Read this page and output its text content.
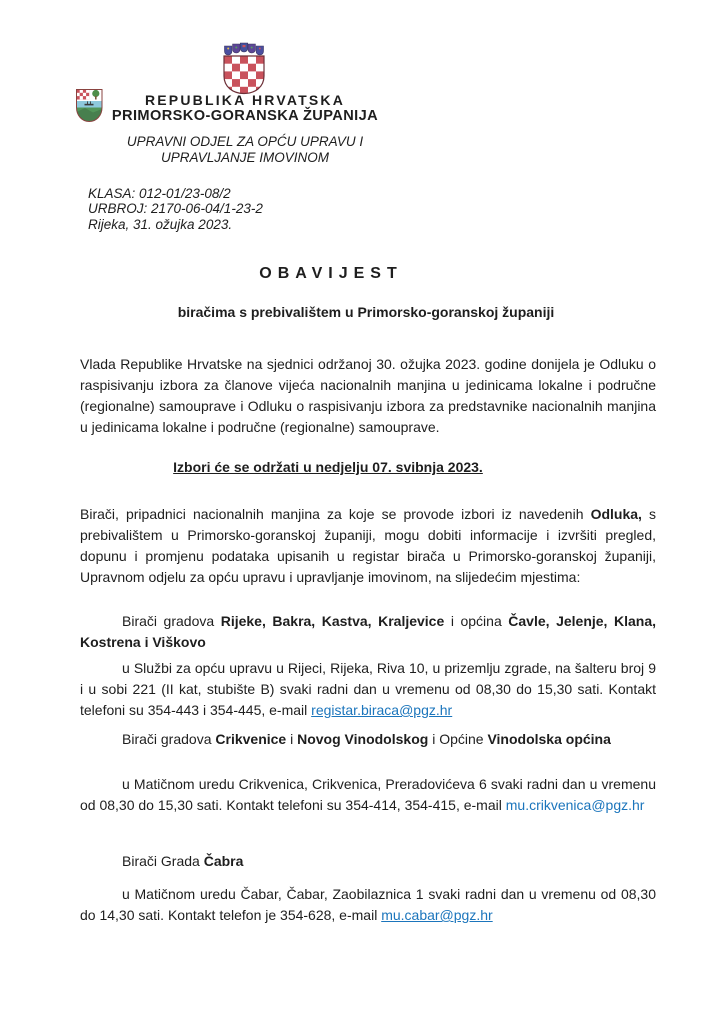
REPUBLIKA HRVATSKA
PRIMORSKO-GORANSKA ŽUPANIJA
UPRAVNI ODJEL ZA OPĆU UPRAVU I
UPRAVLJANJE IMOVINOM
KLASA: 012-01/23-08/2
URBROJ: 2170-06-04/1-23-2
Rijeka, 31. ožujka 2023.
OBAVIJEST
biračima s prebivalištem u Primorsko-goranskoj županiji
Vlada Republike Hrvatske na sjednici održanoj 30. ožujka 2023. godine donijela je Odluku o raspisivanju izbora za članove vijeća nacionalnih manjina u jedinicama lokalne i područne (regionalne) samouprave i Odluku o raspisivanju izbora za predstavnike nacionalnih manjina u jedinicama lokalne i područne (regionalne) samouprave.
Izbori će se održati u nedjelju 07. svibnja 2023.
Birači, pripadnici nacionalnih manjina za koje se provode izbori iz navedenih Odluka, s prebivalištem u Primorsko-goranskoj županiji, mogu dobiti informacije i izvršiti pregled, dopunu i promjenu podataka upisanih u registar birača u Primorsko-goranskoj županiji, Upravnom odjelu za opću upravu i upravljanje imovinom, na slijedećim mjestima:
Birači gradova Rijeke, Bakra, Kastva, Kraljevice i općina Čavle, Jelenje, Klana, Kostrena i Viškovo
u Službi za opću upravu u Rijeci, Rijeka, Riva 10, u prizemlju zgrade, na šalteru broj 9 i u sobi 221 (II kat, stubište B) svaki radni dan u vremenu od 08,30 do 15,30 sati. Kontakt telefoni su 354-443 i 354-445, e-mail registar.biraca@pgz.hr
Birači gradova Crikvenice i Novog Vinodolskog i Općine Vinodolska općina
u Matičnom uredu Crikvenica, Crikvenica, Preradovićeva 6 svaki radni dan u vremenu od 08,30 do 15,30 sati. Kontakt telefoni su 354-414, 354-415, e-mail mu.crikvenica@pgz.hr
Birači Grada Čabra
u Matičnom uredu Čabar, Čabar, Zaobilaznica 1 svaki radni dan u vremenu od 08,30 do 14,30 sati. Kontakt telefon je 354-628, e-mail mu.cabar@pgz.hr
